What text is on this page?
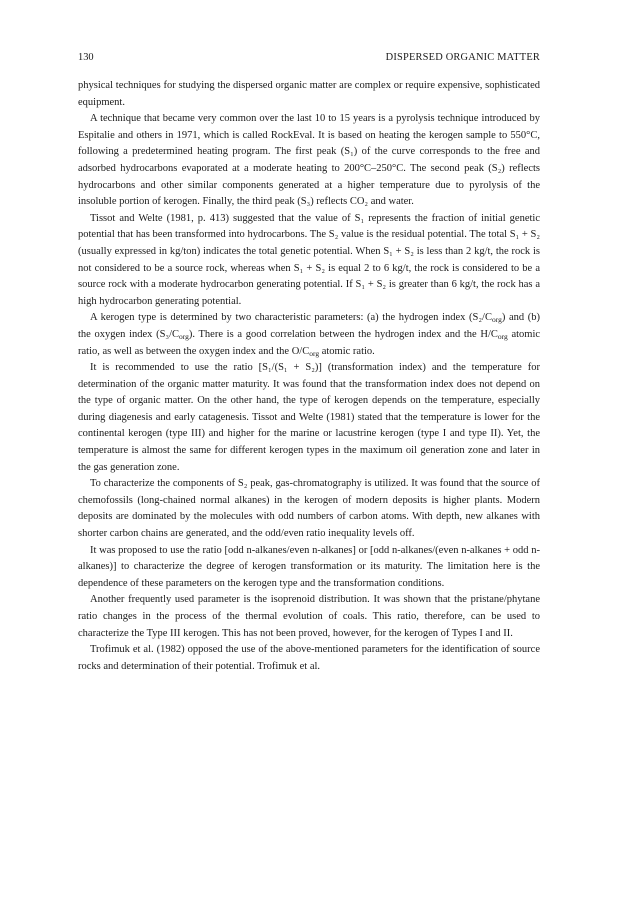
130	DISPERSED ORGANIC MATTER

physical techniques for studying the dispersed organic matter are complex or require expensive, sophisticated equipment.

A technique that became very common over the last 10 to 15 years is a pyrolysis technique introduced by Espitalie and others in 1971, which is called RockEval. It is based on heating the kerogen sample to 550°C, following a predetermined heating program. The first peak (S₁) of the curve corresponds to the free and adsorbed hydrocarbons evaporated at a moderate heating to 200°C–250°C. The second peak (S₂) reflects hydrocarbons and other similar components generated at a higher temperature due to pyrolysis of the insoluble portion of kerogen. Finally, the third peak (S₃) reflects CO₂ and water.

Tissot and Welte (1981, p. 413) suggested that the value of S₁ represents the fraction of initial genetic potential that has been transformed into hydrocarbons. The S₂ value is the residual potential. The total S₁ + S₂ (usually expressed in kg/ton) indicates the total genetic potential. When S₁ + S₂ is less than 2 kg/t, the rock is not considered to be a source rock, whereas when S₁ + S₂ is equal 2 to 6 kg/t, the rock is considered to be a source rock with a moderate hydrocarbon generating potential. If S₁ + S₂ is greater than 6 kg/t, the rock has a high hydrocarbon generating potential.

A kerogen type is determined by two characteristic parameters: (a) the hydrogen index $(S_2/C_{org})$ and (b) the oxygen index $(S_3/C_{org})$. There is a good correlation between the hydrogen index and the $H/C_{org}$ atomic ratio, as well as between the oxygen index and the $O/C_{org}$ atomic ratio.

It is recommended to use the ratio [S₁/(S₁ + S₂)] (transformation index) and the temperature for determination of the organic matter maturity. It was found that the transformation index does not depend on the type of organic matter. On the other hand, the type of kerogen depends on the temperature, especially during diagenesis and early catagenesis. Tissot and Welte (1981) stated that the temperature is lower for the continental kerogen (type III) and higher for the marine or lacustrine kerogen (type I and type II). Yet, the temperature is almost the same for different kerogen types in the maximum oil generation zone and later in the gas generation zone.

To characterize the components of S₂ peak, gas-chromatography is utilized. It was found that the source of chemofossils (long-chained normal alkanes) in the kerogen of modern deposits is higher plants. Modern deposits are dominated by the molecules with odd numbers of carbon atoms. With depth, new alkanes with shorter carbon chains are generated, and the odd/even ratio inequality levels off.

It was proposed to use the ratio [odd n-alkanes/even n-alkanes] or [odd n-alkanes/(even n-alkanes + odd n-alkanes)] to characterize the degree of kerogen transformation or its maturity. The limitation here is the dependence of these parameters on the kerogen type and the transformation conditions.

Another frequently used parameter is the isoprenoid distribution. It was shown that the pristane/phytane ratio changes in the process of the thermal evolution of coals. This ratio, therefore, can be used to characterize the Type III kerogen. This has not been proved, however, for the kerogen of Types I and II.

Trofimuk et al. (1982) opposed the use of the above-mentioned parameters for the identification of source rocks and determination of their potential. Trofimuk et al.
